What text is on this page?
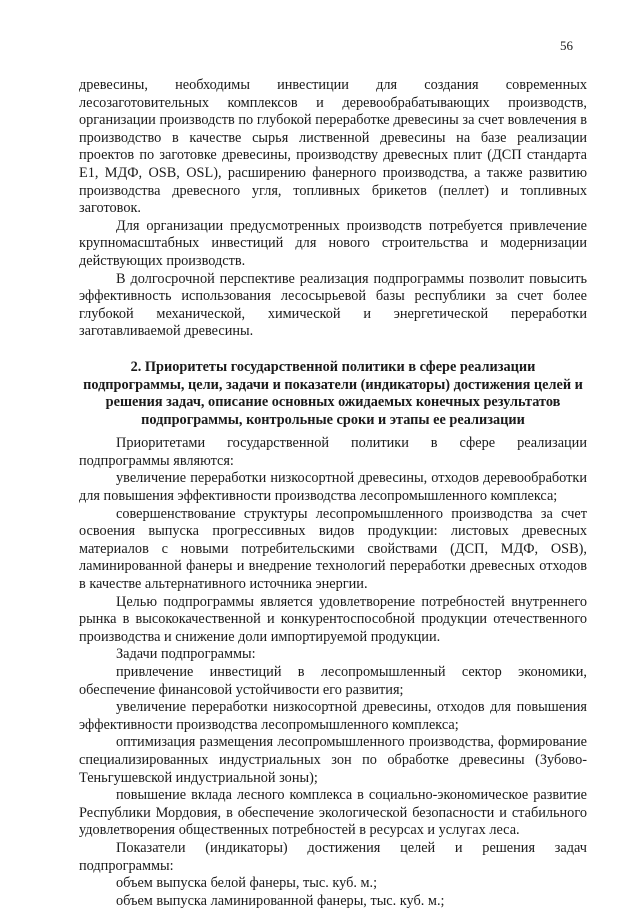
56

древесины, необходимы инвестиции для создания современных лесозаготовительных комплексов и деревообрабатывающих производств, организации производств по глубокой переработке древесины за счет вовлечения в производство в качестве сырья лиственной древесины на базе реализации проектов по заготовке древесины, производству древесных плит (ДСП стандарта Е1, МДФ, OSB, OSL), расширению фанерного производства, а также развитию производства древесного угля, топливных брикетов (пеллет) и топливных заготовок.

Для организации предусмотренных производств потребуется привлечение крупномасштабных инвестиций для нового строительства и модернизации действующих производств.

В долгосрочной перспективе реализация подпрограммы позволит повысить эффективность использования лесосырьевой базы республики за счет более глубокой механической, химической и энергетической переработки заготавливаемой древесины.

2. Приоритеты государственной политики в сфере реализации подпрограммы, цели, задачи и показатели (индикаторы) достижения целей и решения задач, описание основных ожидаемых конечных результатов подпрограммы, контрольные сроки и этапы ее реализации

Приоритетами государственной политики в сфере реализации подпрограммы являются:

увеличение переработки низкосортной древесины, отходов деревообработки для повышения эффективности производства лесопромышленного комплекса;

совершенствование структуры лесопромышленного производства за счет освоения выпуска прогрессивных видов продукции: листовых древесных материалов с новыми потребительскими свойствами (ДСП, МДФ, OSB), ламинированной фанеры и внедрение технологий переработки древесных отходов в качестве альтернативного источника энергии.

Целью подпрограммы является удовлетворение потребностей внутреннего рынка в высококачественной и конкурентоспособной продукции отечественного производства и снижение доли импортируемой продукции.

Задачи подпрограммы:

привлечение инвестиций в лесопромышленный сектор экономики, обеспечение финансовой устойчивости его развития;

увеличение переработки низкосортной древесины, отходов для повышения эффективности производства лесопромышленного комплекса;

оптимизация размещения лесопромышленного производства, формирование специализированных индустриальных зон по обработке древесины (Зубово-Теньгушевской индустриальной зоны);

повышение вклада лесного комплекса в социально-экономическое развитие Республики Мордовия, в обеспечение экологической безопасности и стабильного удовлетворения общественных потребностей в ресурсах и услугах леса.

Показатели (индикаторы) достижения целей и решения задач подпрограммы:

объем выпуска белой фанеры, тыс. куб. м.;

объем выпуска ламинированной фанеры, тыс. куб. м.;
